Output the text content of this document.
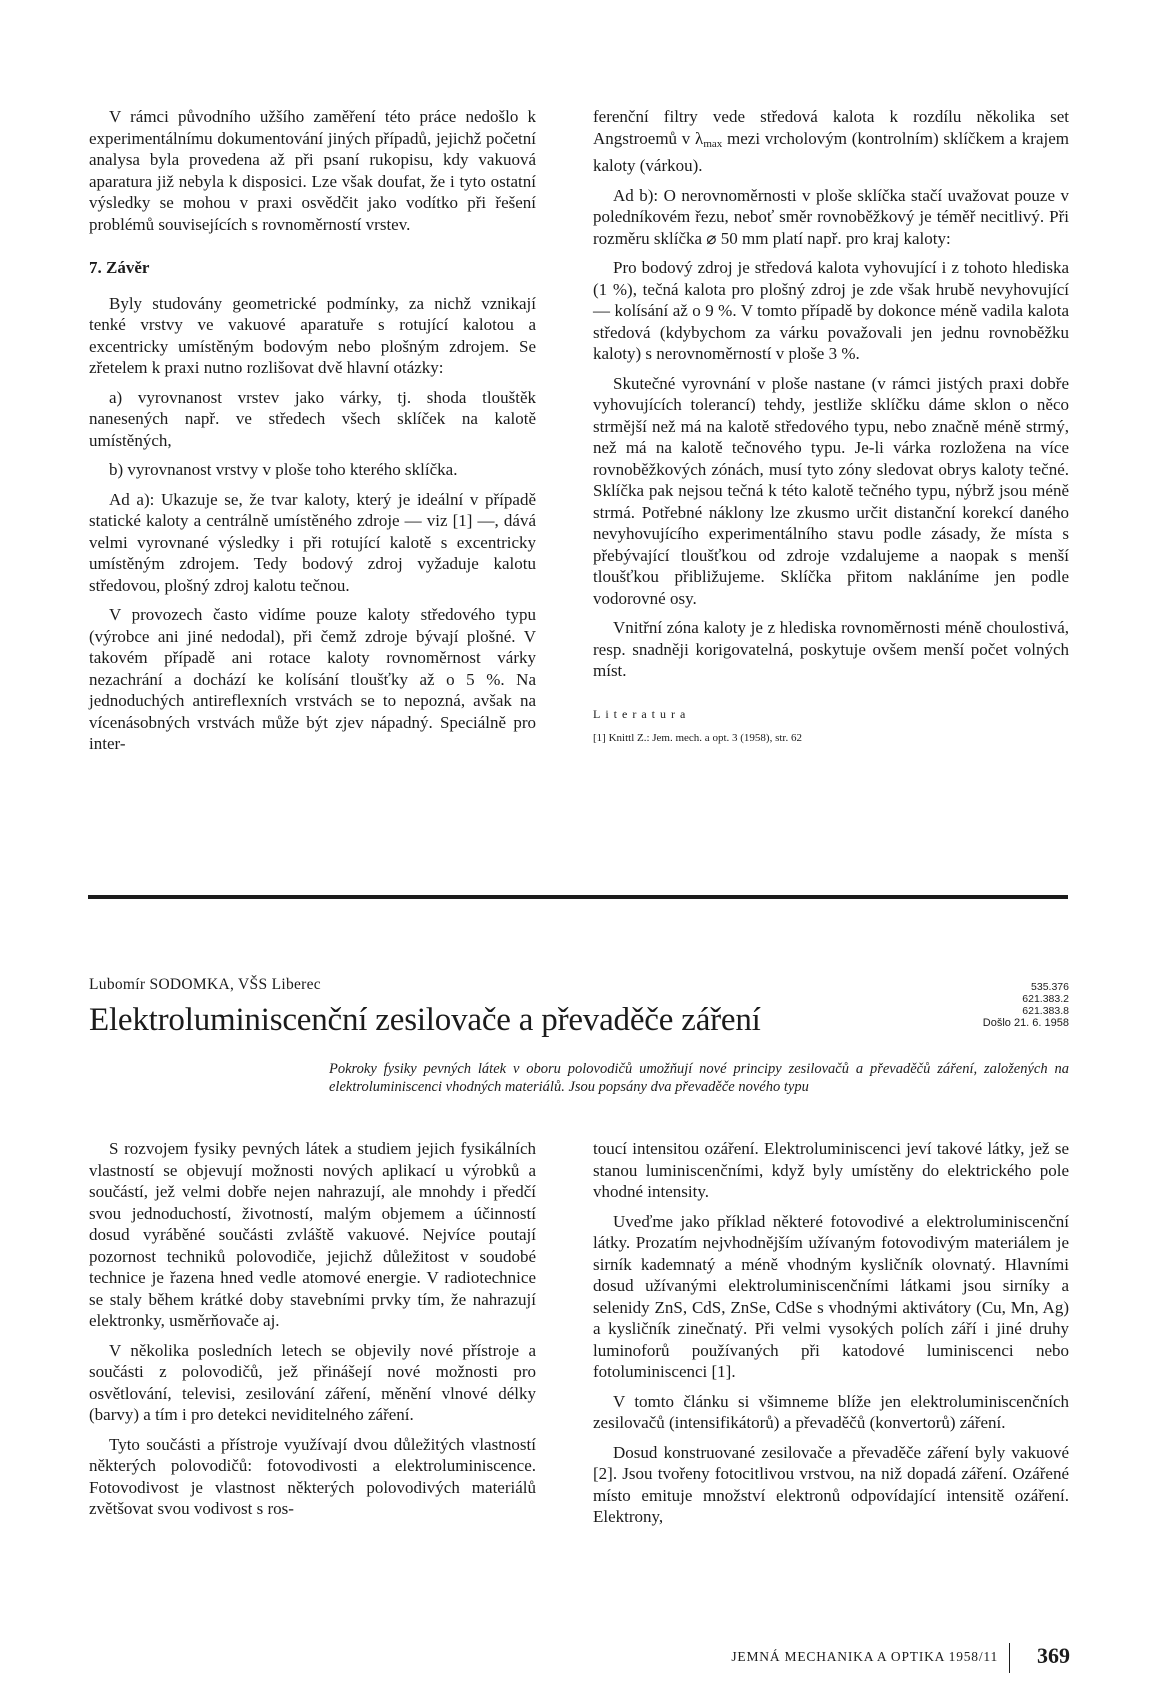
V rámci původního užšího zaměření této práce nedošlo k experimentálnímu dokumentování jiných případů, jejichž početní analysa byla provedena až při psaní rukopisu, kdy vakuová aparatura již nebyla k disposici. Lze však doufat, že i tyto ostatní výsledky se mohou v praxi osvědčit jako vodítko při řešení problémů souvisejících s rovnoměrností vrstev.

7. Závěr

Byly studovány geometrické podmínky, za nichž vznikají tenké vrstvy ve vakuové aparatuře s rotující kalotou a excentricky umístěným bodovým nebo plošným zdrojem. Se zřetelem k praxi nutno rozlišovat dvě hlavní otázky:

a) vyrovnanost vrstev jako várky, tj. shoda tlouštěk nanesených např. ve středech všech sklíček na kalotě umístěných,

b) vyrovnanost vrstvy v ploše toho kterého sklíčka.

Ad a): Ukazuje se, že tvar kaloty, který je ideální v případě statické kaloty a centrálně umístěného zdroje — viz [1] —, dává velmi vyrovnané výsledky i při rotující kalotě s excentricky umístěným zdrojem. Tedy bodový zdroj vyžaduje kalotu středovou, plošný zdroj kalotu tečnou.

V provozech často vidíme pouze kaloty středového typu (výrobce ani jiné nedodal), při čemž zdroje bývají plošné. V takovém případě ani rotace kaloty rovnoměrnost várky nezachrání a dochází ke kolísání tloušťky až o 5 %. Na jednoduchých antireflexních vrstvách se to nepozná, avšak na vícenásobných vrstvách může být zjev nápadný. Speciálně pro inter-

ferenční filtry vede středová kalota k rozdílu několika set Angstroemů v $\lambda_{max}$ mezi vrcholovým (kontrolním) sklíčkem a krajem kaloty (várkou).

Ad b): O nerovnoměrnosti v ploše sklíčka stačí uvažovat pouze v poledníkovém řezu, neboť směr rovnoběžkový je téměř necitlivý. Při rozměru sklíčka ⌀ 50 mm platí např. pro kraj kaloty:

Pro bodový zdroj je středová kalota vyhovující i z tohoto hlediska (1 %), tečná kalota pro plošný zdroj je zde však hrubě nevyhovující — kolísání až o 9 %. V tomto případě by dokonce méně vadila kalota středová (kdybychom za várku považovali jen jednu rovnoběžku kaloty) s nerovnoměrností v ploše 3 %.

Skutečné vyrovnání v ploše nastane (v rámci jistých praxi dobře vyhovujících tolerancí) tehdy, jestliže sklíčku dáme sklon o něco strmější než má na kalotě středového typu, nebo značně méně strmý, než má na kalotě tečnového typu. Je-li várka rozložena na více rovnoběžkových zónách, musí tyto zóny sledovat obrys kaloty tečné. Sklíčka pak nejsou tečná k této kalotě tečného typu, nýbrž jsou méně strmá. Potřebné náklony lze zkusmo určit distanční korekcí daného nevyhovujícího experimentálního stavu podle zásady, že místa s přebývající tloušťkou od zdroje vzdalujeme a naopak s menší tloušťkou přibližujeme. Sklíčka přitom nakláníme jen podle vodorovné osy.

Vnitřní zóna kaloty je z hlediska rovnoměrnosti méně choulostivá, resp. snadněji korigovatelná, poskytuje ovšem menší počet volných míst.

Literatura
[1] Knittl Z.: Jem. mech. a opt. 3 (1958), str. 62
Lubomír SODOMKA, VŠS Liberec
Elektroluminiscenční zesilovače a převaděče záření
535.376
621.383.2
621.383.8
Došlo 21. 6. 1958
Pokroky fysiky pevných látek v oboru polovodičů umožňují nové principy zesilovačů a převaděčů záření, založených na elektroluminiscenci vhodných materiálů. Jsou popsány dva převaděče nového typu

S rozvojem fysiky pevných látek a studiem jejich fysikálních vlastností se objevují možnosti nových aplikací u výrobků a součástí, jež velmi dobře nejen nahrazují, ale mnohdy i předčí svou jednoduchostí, životností, malým objemem a účinností dosud vyráběné součásti zvláště vakuové. Nejvíce poutají pozornost techniků polovodiče, jejichž důležitost v soudobé technice je řazena hned vedle atomové energie. V radiotechnice se staly během krátké doby stavebními prvky tím, že nahrazují elektronky, usměrňovače aj.

V několika posledních letech se objevily nové přístroje a součásti z polovodičů, jež přinášejí nové možnosti pro osvětlování, televisi, zesilování záření, měnění vlnové délky (barvy) a tím i pro detekci neviditelného záření.

Tyto součásti a přístroje využívají dvou důležitých vlastností některých polovodičů: fotovodivosti a elektroluminiscence. Fotovodivost je vlastnost některých polovodivých materiálů zvětšovat svou vodivost s ros-

toucí intensitou ozáření. Elektroluminiscenci jeví takové látky, jež se stanou luminiscenčními, když byly umístěny do elektrického pole vhodné intensity.

Uveďme jako příklad některé fotovodivé a elektroluminiscenční látky. Prozatím nejvhodnějším užívaným fotovodivým materiálem je sirník kademnatý a méně vhodným kysličník olovnatý. Hlavními dosud užívanými elektroluminiscenčními látkami jsou sirníky a selenidy ZnS, CdS, ZnSe, CdSe s vhodnými aktivátory (Cu, Mn, Ag) a kysličník zinečnatý. Při velmi vysokých polích září i jiné druhy luminoforů používaných při katodové luminiscenci nebo fotoluminiscenci [1].

V tomto článku si všimneme blíže jen elektroluminiscenčních zesilovačů (intensifikátorů) a převaděčů (konvertorů) záření.

Dosud konstruované zesilovače a převaděče záření byly vakuové [2]. Jsou tvořeny fotocitlivou vrstvou, na niž dopadá záření. Ozářené místo emituje množství elektronů odpovídající intensitě ozáření. Elektrony,

JEMNÁ MECHANIKA A OPTIKA 1958/11 369
